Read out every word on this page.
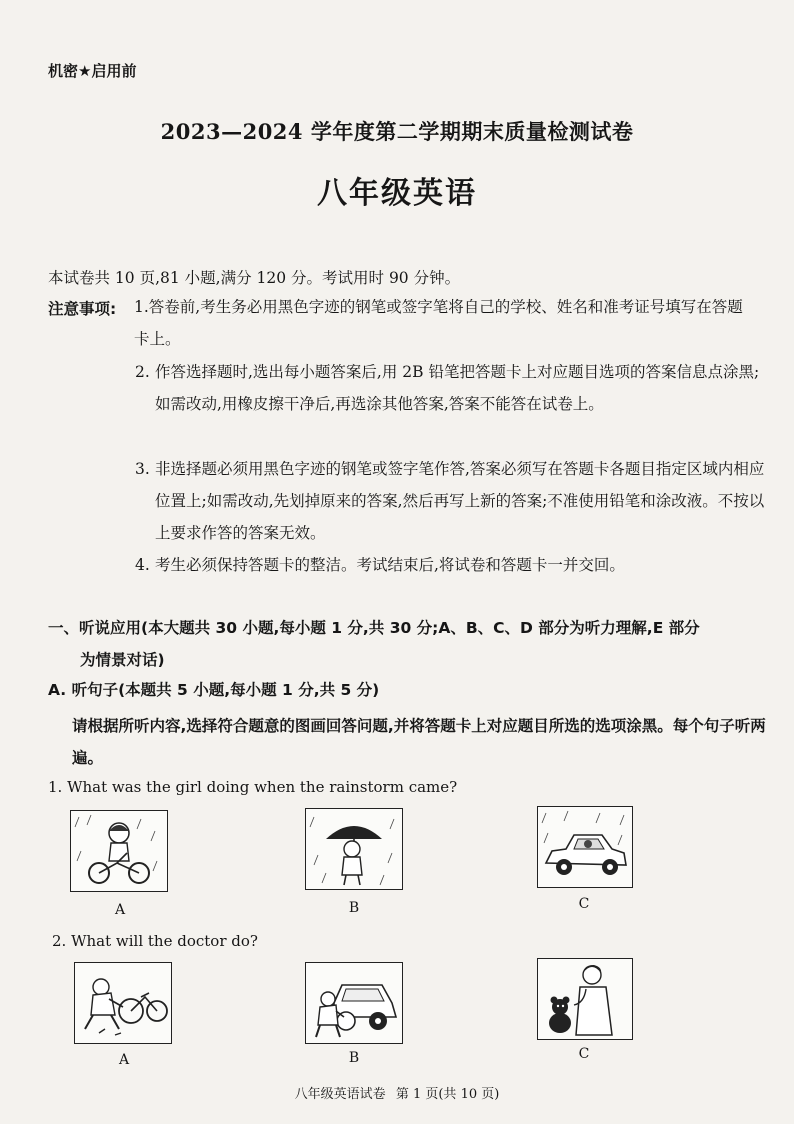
机密★启用前
2023—2024 学年度第二学期期末质量检测试卷
八年级英语
本试卷共 10 页,81 小题,满分 120 分。考试用时 90 分钟。
注意事项: 1.答卷前,考生务必用黑色字迹的钢笔或签字笔将自己的学校、姓名和准考证号填写在答题卡上。
2. 作答选择题时,选出每小题答案后,用 2B 铅笔把答题卡上对应题目选项的答案信息点涂黑;如需改动,用橡皮擦干净后,再选涂其他答案,答案不能答在试卷上。
3. 非选择题必须用黑色字迹的钢笔或签字笔作答,答案必须写在答题卡各题目指定区域内相应位置上;如需改动,先划掉原来的答案,然后再写上新的答案;不准使用铅笔和涂改液。不按以上要求作答的答案无效。
4. 考生必须保持答题卡的整洁。考试结束后,将试卷和答题卡一并交回。
一、听说应用(本大题共 30 小题,每小题 1 分,共 30 分;A、B、C、D 部分为听力理解,E 部分
为情景对话)
A. 听句子(本题共 5 小题,每小题 1 分,共 5 分)
请根据所听内容,选择符合题意的图画回答问题,并将答题卡上对应题目所选的选项涂黑。每个句子听两遍。
1. What was the girl doing when the rainstorm came?
A	B	C
2. What will the doctor do?
A	B	C
八年级英语试卷 第 1 页(共 10 页)
